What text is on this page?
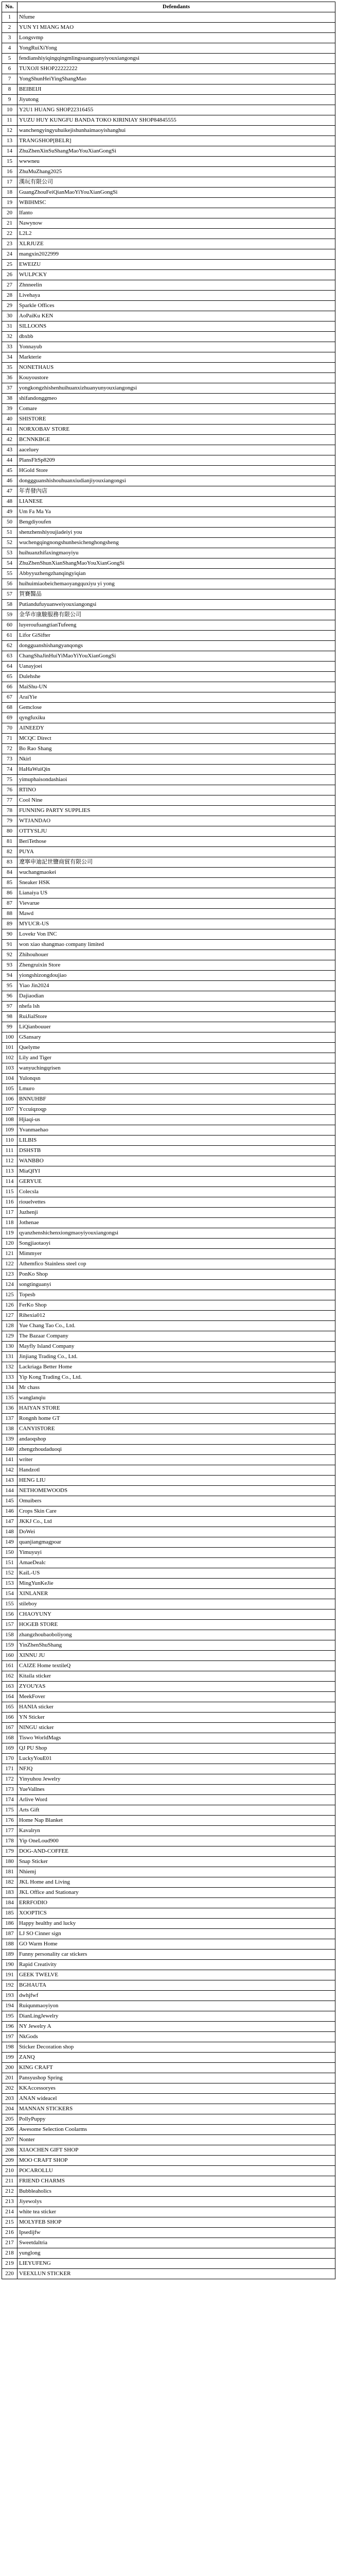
No.	Defendants
1	Nfume
2	YUN YI MIANG MAO
3	Longsvmp
4	YongRuiXiYong
5	fendianshiyiqingqingmlingsuanguanyiyouxiangongsi
6	TUXOJI SHOP22222222
7	YongShunHeiYingShangMao
8	BEIBEIJI
9	Jiyutong
10	Y2U1 HUANG SHOP22316455
11	YUZU HUY KUNGFU BANDA TOKO KIRINIAY SHOP84845555
12	wanchengyingyuhuikejishunhaimaoyishanghui
13	TRANGSHOP[BELR]
14	ZhuZhenXinSuShangMaoYouXianGongSi
15	wwwneu
16	ZhuMuZhang2025
17	漢玩有限公司
18	GuangZhouFeiQianMaoYiYouXianGongSi
19	WBIHMSC
20	Ifanto
21	Nawynow
22	L2L2
23	XLRJUZE
24	mangxin2022999
25	EWEIZU
26	WULPCKY
27	Zhnneelin
28	Livehaya
29	Sparkle Offices
30	AoPaiKu KEN
31	SILLOONS
32	dbxbb
33	Yonnayub
34	Markterie
35	NONETHAUS
36	Kouyoustore
37	yongkongzhishenhuihuanxizhuanyunyouxiangongsi
38	shifandonggmeo
39	Comare
40	SHISTORE
41	NORXOBAV STORE
42	BCNNKBGE
43	aaceluey
44	PlansFltSp8209
45	HGold Store
46	donggguanshishouhuanxiudianjiyouxiangongsi
47	年青發內店
48	LIANESE
49	Um Fa Ma Ya
50	Bengdiyoufen
51	shenzhenshiyoujiadeiyi you
52	wuchengqingnongshunhesichenghongsheng
53	huihuanzhifaxingmaoyiyu
54	ZhuZhenShunXianShangMaoYouXianGongSi
55	Abbyyuzhengzhanqingyiqian
56	huihuimiaobeichemaoyangquxiyu yi yong
57	賀賽醫品
58	Putiandufuyuanweiyouxiangongsi
59	金华市康駿服務有限公司
60	luyeroufuangtianTufeeng
61	Lifor GiSifter
62	dongguanshishangyanqongs
63	ChangShaJinHuiYiMaoYiYouXianGongSi
64	Uanayjoei
65	Dulehshe
66	MaiShu-UN
67	AraiYie
68	Gemclose
69	qyngfuxiku
70	AINEEDY
71	MCQC Direct
72	Bo Rao Shang
73	Nkirl
74	HaHaWuiQin
75	yimuphaisondashiaoi
76	RTINO
77	Cool Nine
78	FUNNING PARTY SUPPLIES
79	WTJANDAO
80	OTTYSLJU
81	BeriTethose
82	PUYA
83	遼寧申迪記世鹽商貿有限公司
84	wuchangmaokei
85	Sneaker HSK
86	Lianaiya US
87	Vievarue
88	Mawd
89	MYUCR-US
90	Lovekr Von INC
91	won xiao shangmao company limited
92	Zhihouhouer
93	Zhengruixin Store
94	yiongshizongdoujiao
95	Yiao Jin2024
96	Dajiaodian
97	nhefa lsh
98	RuiJialStore
99	LiQianbouuer
100	GSansary
101	Quelyme
102	Lily and Tiger
103	wanyuchingqrisen
104	Yulonqsn
105	Lmuro
106	BNNUHBF
107	Yccuiqzoqp
108	Hjiaqi-us
109	Yvanmaehao
110	LILBIS
111	DSHSTB
112	WANBBO
113	MiaQIYI
114	GERYUE
115	Colecsla
116	riouelvettes
117	Juzhenji
118	Jothenae
119	qyanzhenshichenxiongmaoyiyouxiangongsi
120	Songjiaotaoyi
121	Mimmyer
122	Athemfico Stainless steel cop
123	PonKo Shop
124	songtinguanyi
125	Topesb
126	FerKo Shop
127	Rihexia012
128	Yue Chang Tao Co., Ltd.
129	The Bazaar Company
130	Mayfly Island Company
131	Jinjiang Trading Co., Ltd.
132	Lackriaga Better Home
133	Yip Kong Trading Co., Ltd.
134	Mr chass
135	wanglanqiu
136	HAIYAN STORE
137	Rongnh home GT
138	CANYISTORE
139	andaoqshop
140	zhengzhoudaduoqi
141	writer
142	Handzotl
143	HENG LIU
144	NETHOMEWOODS
145	Omuibers
146	Crops Skin Care
147	JKKJ Co., Ltd
148	DoWei
149	quanjiangmagpoar
150	Yimuyuyi
151	AmaeDealc
152	KaiL-US
153	MingYunKeJie
154	XINLANER
155	stileboy
156	CHAOYUNY
157	HOGEB STORE
158	zhangzhoubaoboliyong
159	YinZhenShuShang
160	XINNU JU
161	CAIZE Home textileQ
162	Kitaila sticker
163	ZYOUYAS
164	MeekFover
165	HANIA sticker
166	YN Sticker
167	NINGU sticker
168	Tiswo WorldMags
169	QJ PU Shop
170	LuckyYouE01
171	NFJQ
172	Yinyuhou Jewelry
173	YueVallnes
174	Arlive Word
175	Arts Gift
176	Home Nap Blanket
177	Kavalryn
178	Yip OneLoud900
179	DOG-AND-COFFEE
180	Snap Sticker
181	Nhiemj
182	JKL Home and Living
183	JKL Office and Stationary
184	ERRFODIO
185	XOOPTICS
186	Happy healthy and lucky
187	LJ SO Cinner sign
188	GO Warm Home
189	Funny personality car stickers
190	Rapid Creativity
191	GEEK TWELVE
192	BGHAUTA
193	dwhjfwf
194	Ruiqunmaoyiyon
195	DianLingJewelry
196	NY Jewelry A
197	NkGods
198	Sticker Decoration shop
199	ZANQ
200	KING CRAFT
201	Pansyushop Spring
202	KKAccessoryes
203	ANAN wideacel
204	MANNAN STICKERS
205	PollyPuppy
206	Awesome Selection Coolarms
207	Nonter
208	XIAOCHEN GIFT SHOP
209	MOO CRAFT SHOP
210	POCAROLLU
211	FRIEND CHARMS
212	Bubbleaholics
213	Jiyewolys
214	white tea sticker
215	MOLYFEB SHOP
216	Ipsedijfw
217	Sweetdaltria
218	yunglong
219	LIEYUFENG
220	VEEXLUN STICKER
